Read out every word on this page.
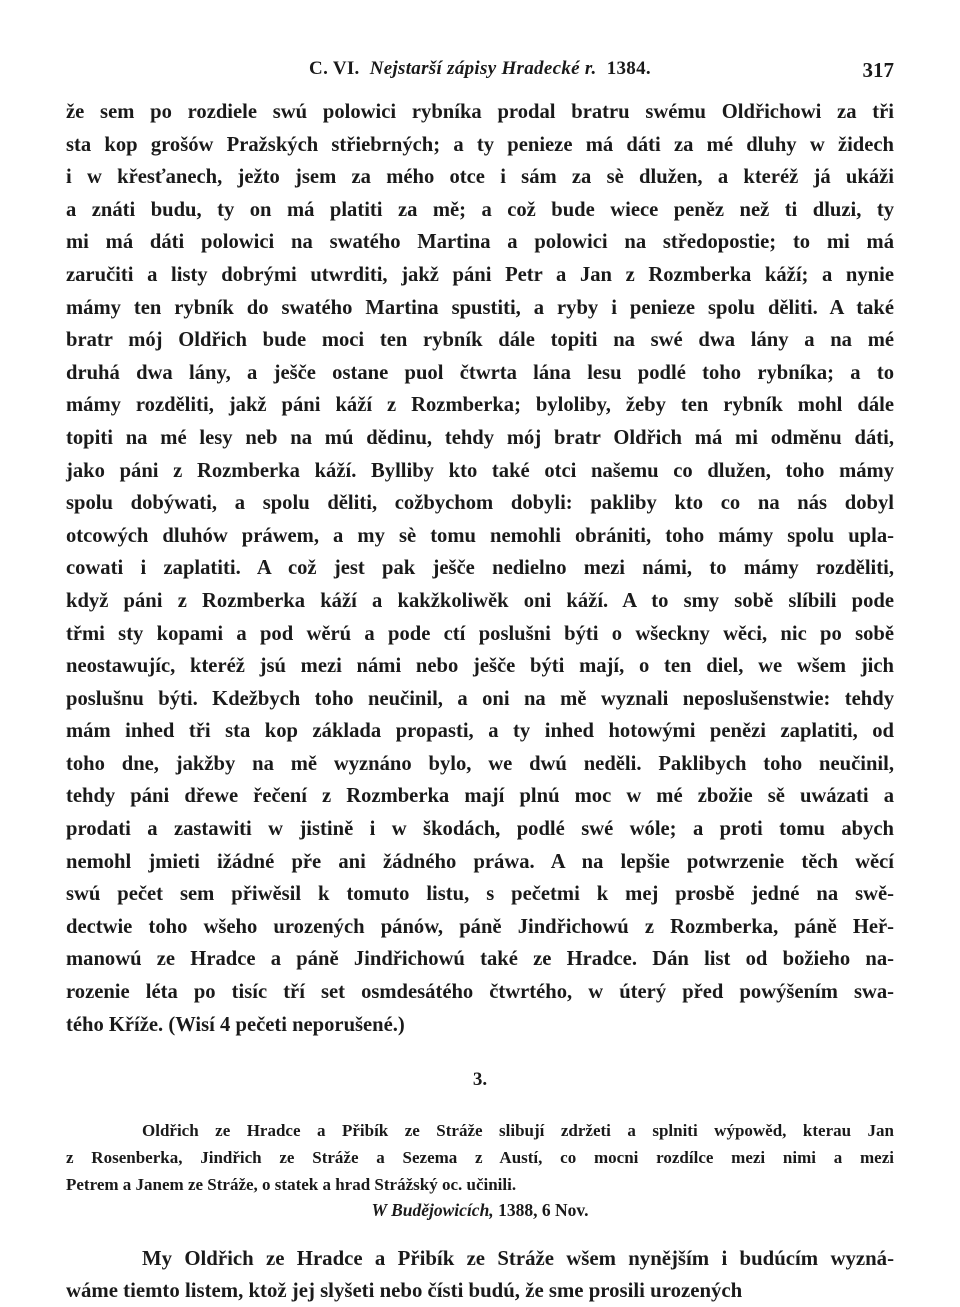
C. VI. Nejstarší zápisy Hradecké r. 1384.	317
že sem po rozdiele swú polowici rybníka prodal bratru swému Oldřichowi za tři
sta kop grošów Pražských střiebrných; a ty penieze má dáti za mé dluhy w židech
i w křesťanech, ježto jsem za mého otce i sám za sè dlužen, a kteréž já ukáži
a znáti budu, ty on má platiti za mě; a což bude wiece peněz než ti dluzi, ty
mi má dáti polowici na swatého Martina a polowici na středopostie; to mi má
zaručiti a listy dobrými utwrditi, jakž páni Petr a Jan z Rozmberka káží; a nynie
mámy ten rybník do swatého Martina spustiti, a ryby i penieze spolu děliti. A také
bratr mój Oldřich bude moci ten rybník dále topiti na swé dwa lány a na mé
druhá dwa lány, a ješče ostane puol čtwrta lána lesu podlé toho rybníka; a to
mámy rozděliti, jakž páni káží z Rozmberka; byloliby, žeby ten rybník mohl dále
topiti na mé lesy neb na mú dědinu, tehdy mój bratr Oldřich má mi odměnu dáti,
jako páni z Rozmberka káží. Bylliby kto také otci našemu co dlužen, toho mámy
spolu dobýwati, a spolu děliti, cožbychom dobyli: pakliby kto co na nás dobyl
otcowých dluhów práwem, a my sè tomu nemohli obrániti, toho mámy spolu upla-
cowati i zaplatiti. A což jest pak ješče nedielno mezi námi, to mámy rozděliti,
když páni z Rozmberka káží a kakžkoliwěk oni káží. A to smy sobě slíbili pode
třmi sty kopami a pod wěrú a pode ctí poslušni býti o wšeckny wěci, nic po sobě
neostawujíc, kteréž jsú mezi námi nebo ješče býti mají, o ten diel, we wšem jich
poslušnu býti. Kdežbych toho neučinil, a oni na mě wyznali neposlušenstwie: tehdy
mám inhed tři sta kop základa propasti, a ty inhed hotowými penězi zaplatiti, od
toho dne, jakžby na mě wyznáno bylo, we dwú neděli. Paklibych toho neučinil,
tehdy páni dřewe řečení z Rozmberka mají plnú moc w mé zbožie sě uwázati a
prodati a zastawiti w jistině i w škodách, podlé swé wóle; a proti tomu abych
nemohl jmieti ižádné pře ani žádného práwa. A na lepšie potwrzenie těch wěcí
swú pečet sem přiwěsil k tomuto listu, s pečetmi k mej prosbě jedné na swě-
dectwie toho wšeho urozených pánów, páně Jindřichowú z Rozmberka, páně Heř-
manowú ze Hradce a páně Jindřichowú také ze Hradce. Dán list od božieho na-
rozenie léta po tisíc tří set osmdesátého čtwrtého, w úterý před powýšením swa-
tého Kříže. (Wisí 4 pečeti neporušené.)
3.
Oldřich ze Hradce a Přibík ze Stráže slibují zdržeti a splniti wýpowěd, kterau Jan
z Rosenberka, Jindřich ze Stráže a Sezema z Austí, co mocni rozdílce mezi nimi a mezi
Petrem a Janem ze Stráže, o statek a hrad Strážský oc. učinili.
W Budějowicích, 1388, 6 Nov.
My Oldřich ze Hradce a Přibík ze Stráže wšem nynějším i budúcím wyzná-
wáme tiemto listem, ktož jej slyšeti nebo čísti budú, že sme prosili urozených
